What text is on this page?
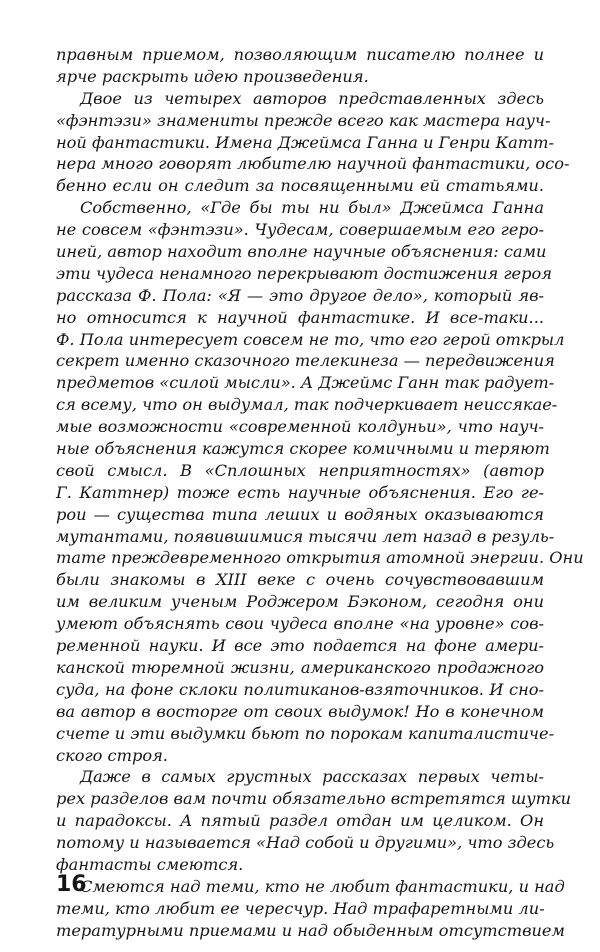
правным приемом, позволяющим писателю полнее и
ярче раскрыть идею произведения.
Двое из четырех авторов представленных здесь
«фэнтэзи» знамениты прежде всего как мастера науч-
ной фантастики. Имена Джеймса Ганна и Генри Катт-
нера много говорят любителю научной фантастики, осо-
бенно если он следит за посвященными ей статьями.
Собственно, «Где бы ты ни был» Джеймса Ганна
не совсем «фэнтэзи». Чудесам, совершаемым его геро-
иней, автор находит вполне научные объяснения: сами
эти чудеса ненамного перекрывают достижения героя
рассказа Ф. Пола: «Я — это другое дело», который яв-
но относится к научной фантастике. И все-таки...
Ф. Пола интересует совсем не то, что его герой открыл
секрет именно сказочного телекинеза — передвижения
предметов «силой мысли». А Джеймс Ганн так радует-
ся всему, что он выдумал, так подчеркивает неиссякае-
мые возможности «современной колдуньи», что науч-
ные объяснения кажутся скорее комичными и теряют
свой смысл. В «Сплошных неприятностях» (автор
Г. Каттнер) тоже есть научные объяснения. Его ге-
рои — существа типа леших и водяных оказываются
мутантами, появившимися тысячи лет назад в резуль-
тате преждевременного открытия атомной энергии. Они
были знакомы в XIII веке с очень сочувствовавшим
им великим ученым Роджером Бэконом, сегодня они
умеют объяснять свои чудеса вполне «на уровне» сов-
ременной науки. И все это подается на фоне амери-
канской тюремной жизни, американского продажного
суда, на фоне склоки политиканов-взяточников. И сно-
ва автор в восторге от своих выдумок! Но в конечном
счете и эти выдумки бьют по порокам капиталистиче-
ского строя.
Даже в самых грустных рассказах первых четы-
рех разделов вам почти обязательно встретятся шутки
и парадоксы. А пятый раздел отдан им целиком. Он
потому и называется «Над собой и другими», что здесь
фантасты смеются.
Смеются над теми, кто не любит фантастики, и над
теми, кто любит ее чересчур. Над трафаретными ли-
тературными приемами и над обыденным отсутствием
16
